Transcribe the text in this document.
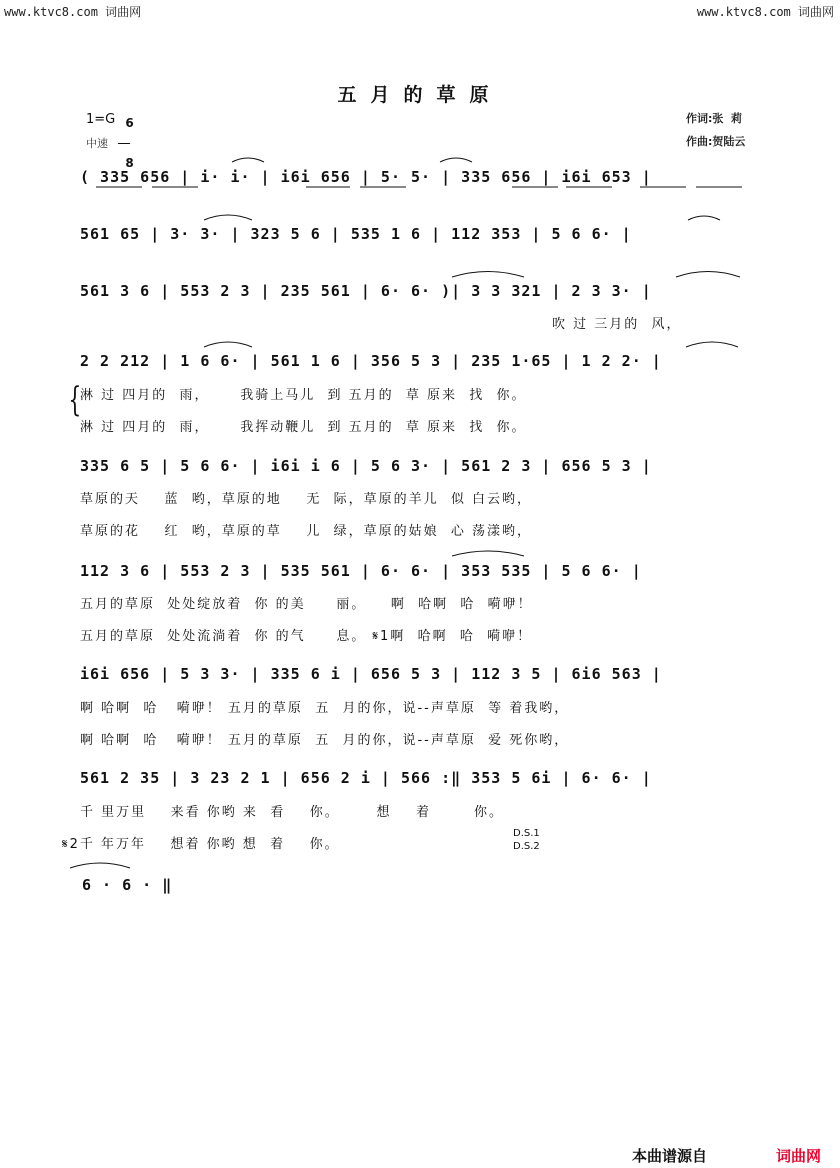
www.ktvc8.com 词曲网	www.ktvc8.com 词曲网
五月的草原
1=G 6

8

中速
作词:张  莉
作曲:贺陆云
( 335 656 | i· i· | i6i 656 | 5· 5· | 335 656 | i6i 653 |
561 65 | 3· 3· | 323 5 6 | 535 1 6 | 112 353 | 5 6 6· |
561 3 6 | 553 2 3 | 235 561 | 6· 6· )| 3 3 321 | 2 3 3· |
吹 过 三月的  风，
2 2 212 | 1 6 6· | 561 1 6 | 356 5 3 | 235 1·65 | 1 2 2· |
{
淋 过 四月的  雨，     我骑上马儿  到 五月的  草 原来  找  你。
淋 过 四月的  雨，     我挥动鞭儿  到 五月的  草 原来  找  你。
335 6 5 | 5 6 6· | i6i i 6 | 5 6 3· | 561 2 3 | 656 5 3 |
草原的天    蓝  哟，草原的地    无  际，草原的羊儿  似 白云哟，
草原的花    红  哟，草原的草    儿  绿，草原的姑娘  心 荡漾哟，
112 3 6 | 553 2 3 | 535 561 | 6· 6· | 353 535 | 5 6 6· |
五月的草原  处处绽放着  你 的美     丽。    啊  哈啊  哈  嗬咿！
五月的草原  处处流淌着  你 的气     息。 𝄋1啊  哈啊  哈  嗬咿！
i6i 656 | 5 3 3· | 335 6 i | 656 5 3 | 112 3 5 | 6i6 563 |
啊 哈啊  哈   嗬咿！ 五月的草原  五  月的你，说--声草原  等 着我哟，
啊 哈啊  哈   嗬咿！ 五月的草原  五  月的你，说--声草原  爱 死你哟，
561 2 35 | 3 23 2 1 | 656 2 i | 566 :‖ 353 5 6i | 6· 6· |
千 里万里    来看 你哟 来  看    你。      想    着       你。
𝄋2千 年万年    想着 你哟 想  着    你。
D.S.1
D.S.2
6 · 6 · ‖
本曲谱源自	词曲网
